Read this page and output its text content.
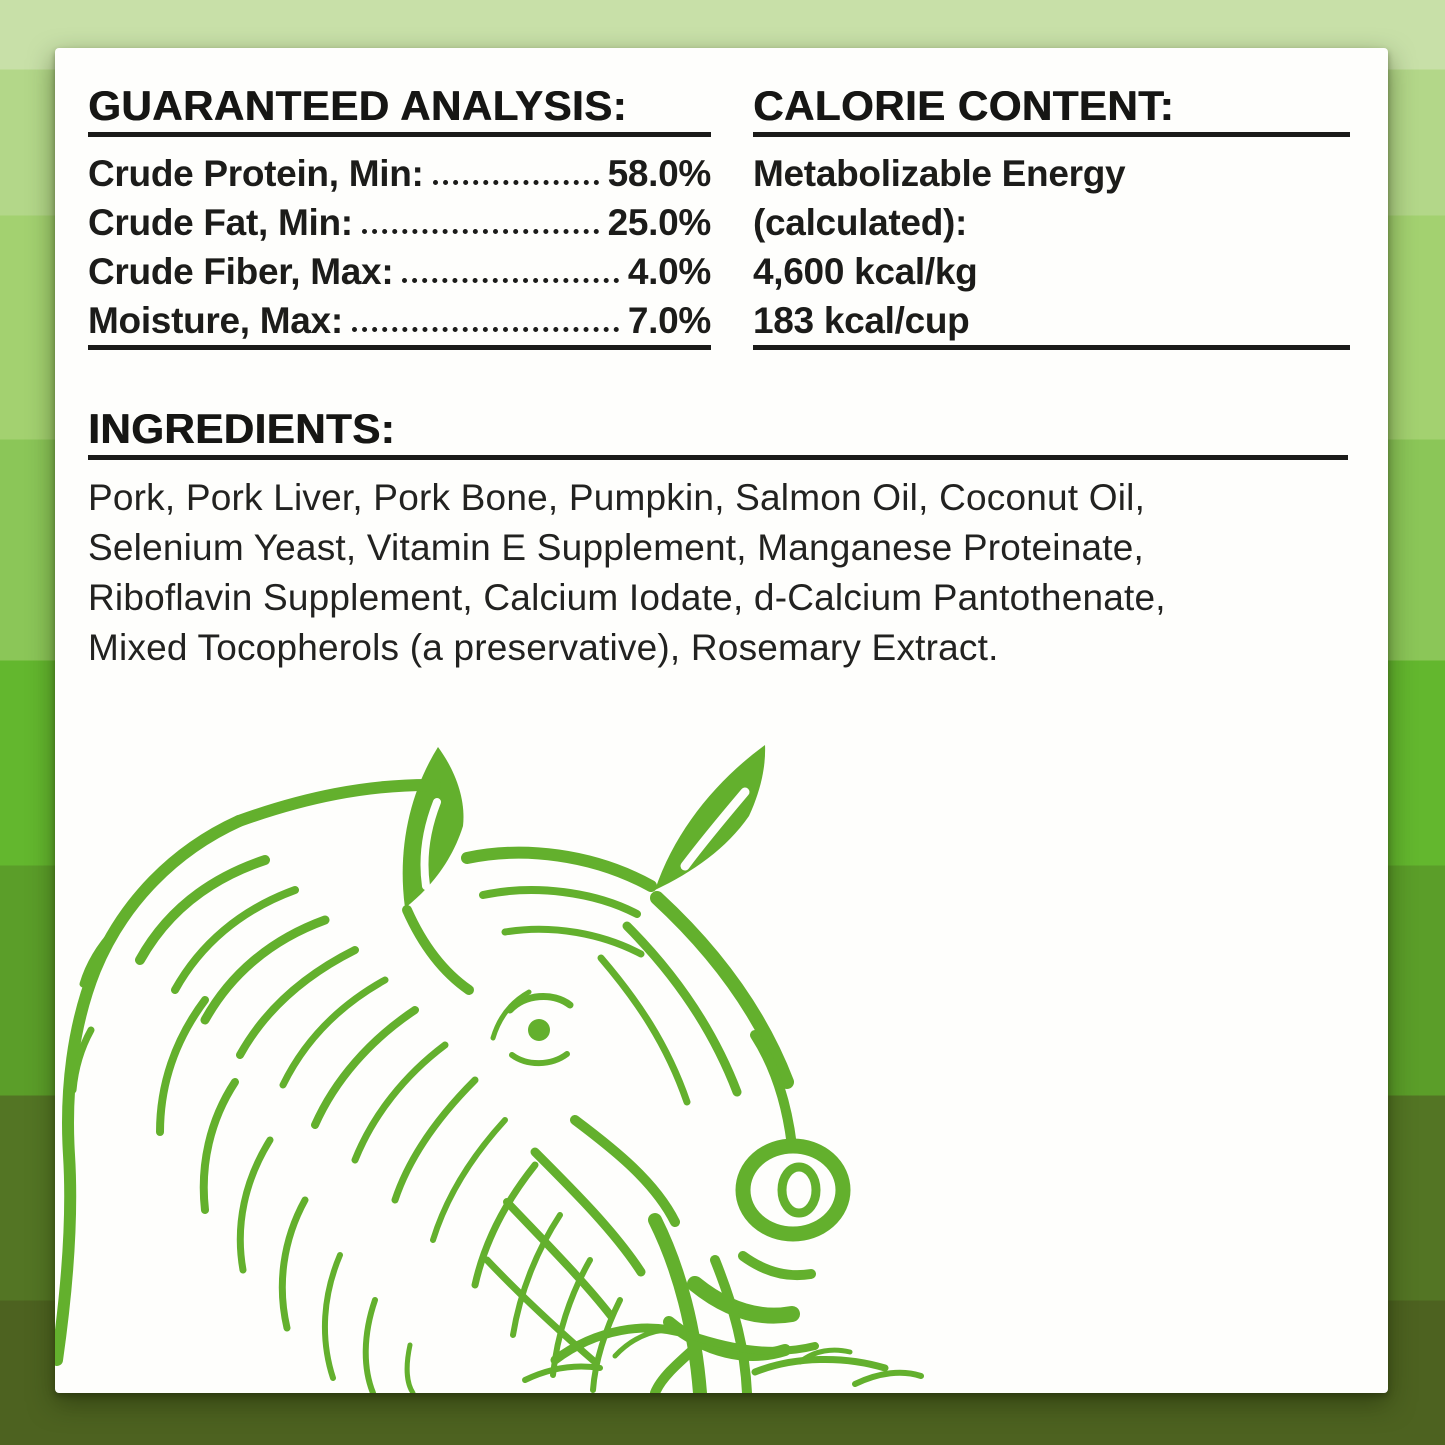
GUARANTEED ANALYSIS:
Crude Protein, Min:	58.0%
Crude Fat, Min:	25.0%
Crude Fiber, Max:	4.0%
Moisture, Max:	7.0%
CALORIE CONTENT:
Metabolizable Energy
(calculated):
4,600 kcal/kg
183 kcal/cup
INGREDIENTS:
Pork, Pork Liver, Pork Bone, Pumpkin, Salmon Oil, Coconut Oil,
Selenium Yeast, Vitamin E Supplement, Manganese Proteinate,
Riboflavin Supplement, Calcium Iodate, d-Calcium Pantothenate,
Mixed Tocopherols (a preservative), Rosemary Extract.
